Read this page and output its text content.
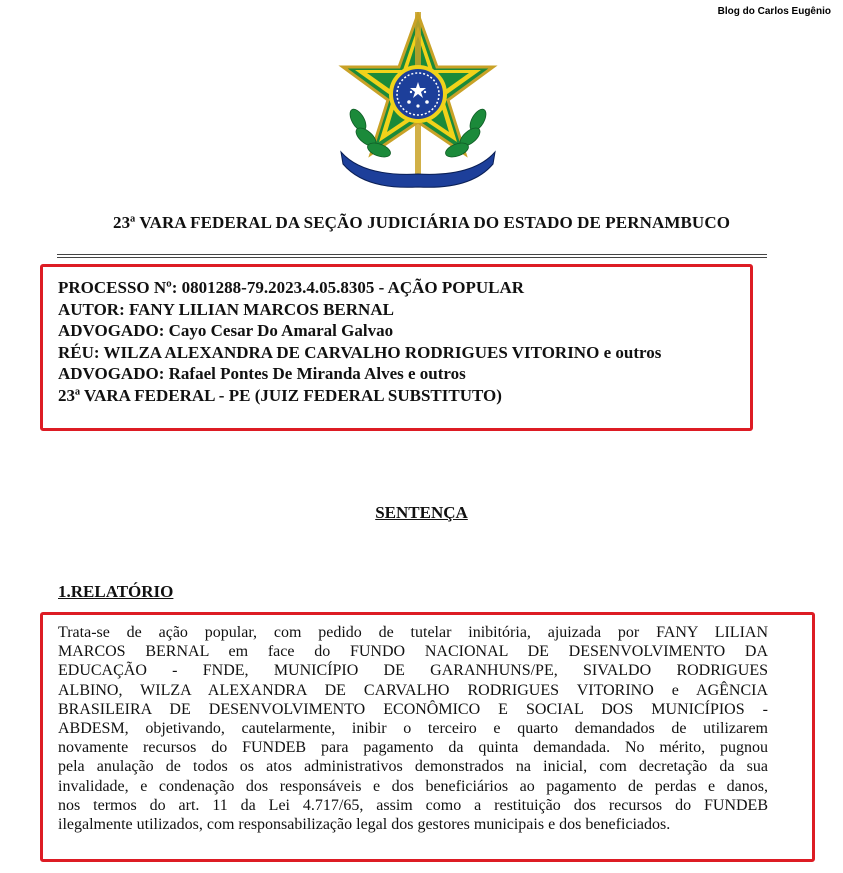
Blog do Carlos Eugênio
23ª VARA FEDERAL DA SEÇÃO JUDICIÁRIA DO ESTADO DE PERNAMBUCO
PROCESSO Nº: 0801288-79.2023.4.05.8305 - AÇÃO POPULAR
AUTOR: FANY LILIAN MARCOS BERNAL
ADVOGADO: Cayo Cesar Do Amaral Galvao
RÉU: WILZA ALEXANDRA DE CARVALHO RODRIGUES VITORINO e outros
ADVOGADO: Rafael Pontes De Miranda Alves e outros
23ª VARA FEDERAL - PE (JUIZ FEDERAL SUBSTITUTO)
SENTENÇA
1.RELATÓRIO
Trata-se de ação popular, com pedido de tutelar inibitória, ajuizada por FANY LILIAN
MARCOS BERNAL em face do FUNDO NACIONAL DE DESENVOLVIMENTO DA
EDUCAÇÃO - FNDE, MUNICÍPIO DE GARANHUNS/PE, SIVALDO RODRIGUES
ALBINO, WILZA ALEXANDRA DE CARVALHO RODRIGUES VITORINO e AGÊNCIA
BRASILEIRA DE DESENVOLVIMENTO ECONÔMICO E SOCIAL DOS MUNICÍPIOS -
ABDESM, objetivando, cautelarmente, inibir o terceiro e quarto demandados de utilizarem
novamente recursos do FUNDEB para pagamento da quinta demandada. No mérito, pugnou
pela anulação de todos os atos administrativos demonstrados na inicial, com decretação da sua
invalidade, e condenação dos responsáveis e dos beneficiários ao pagamento de perdas e danos,
nos termos do art. 11 da Lei 4.717/65, assim como a restituição dos recursos do FUNDEB
ilegalmente utilizados, com responsabilização legal dos gestores municipais e dos beneficiados.
